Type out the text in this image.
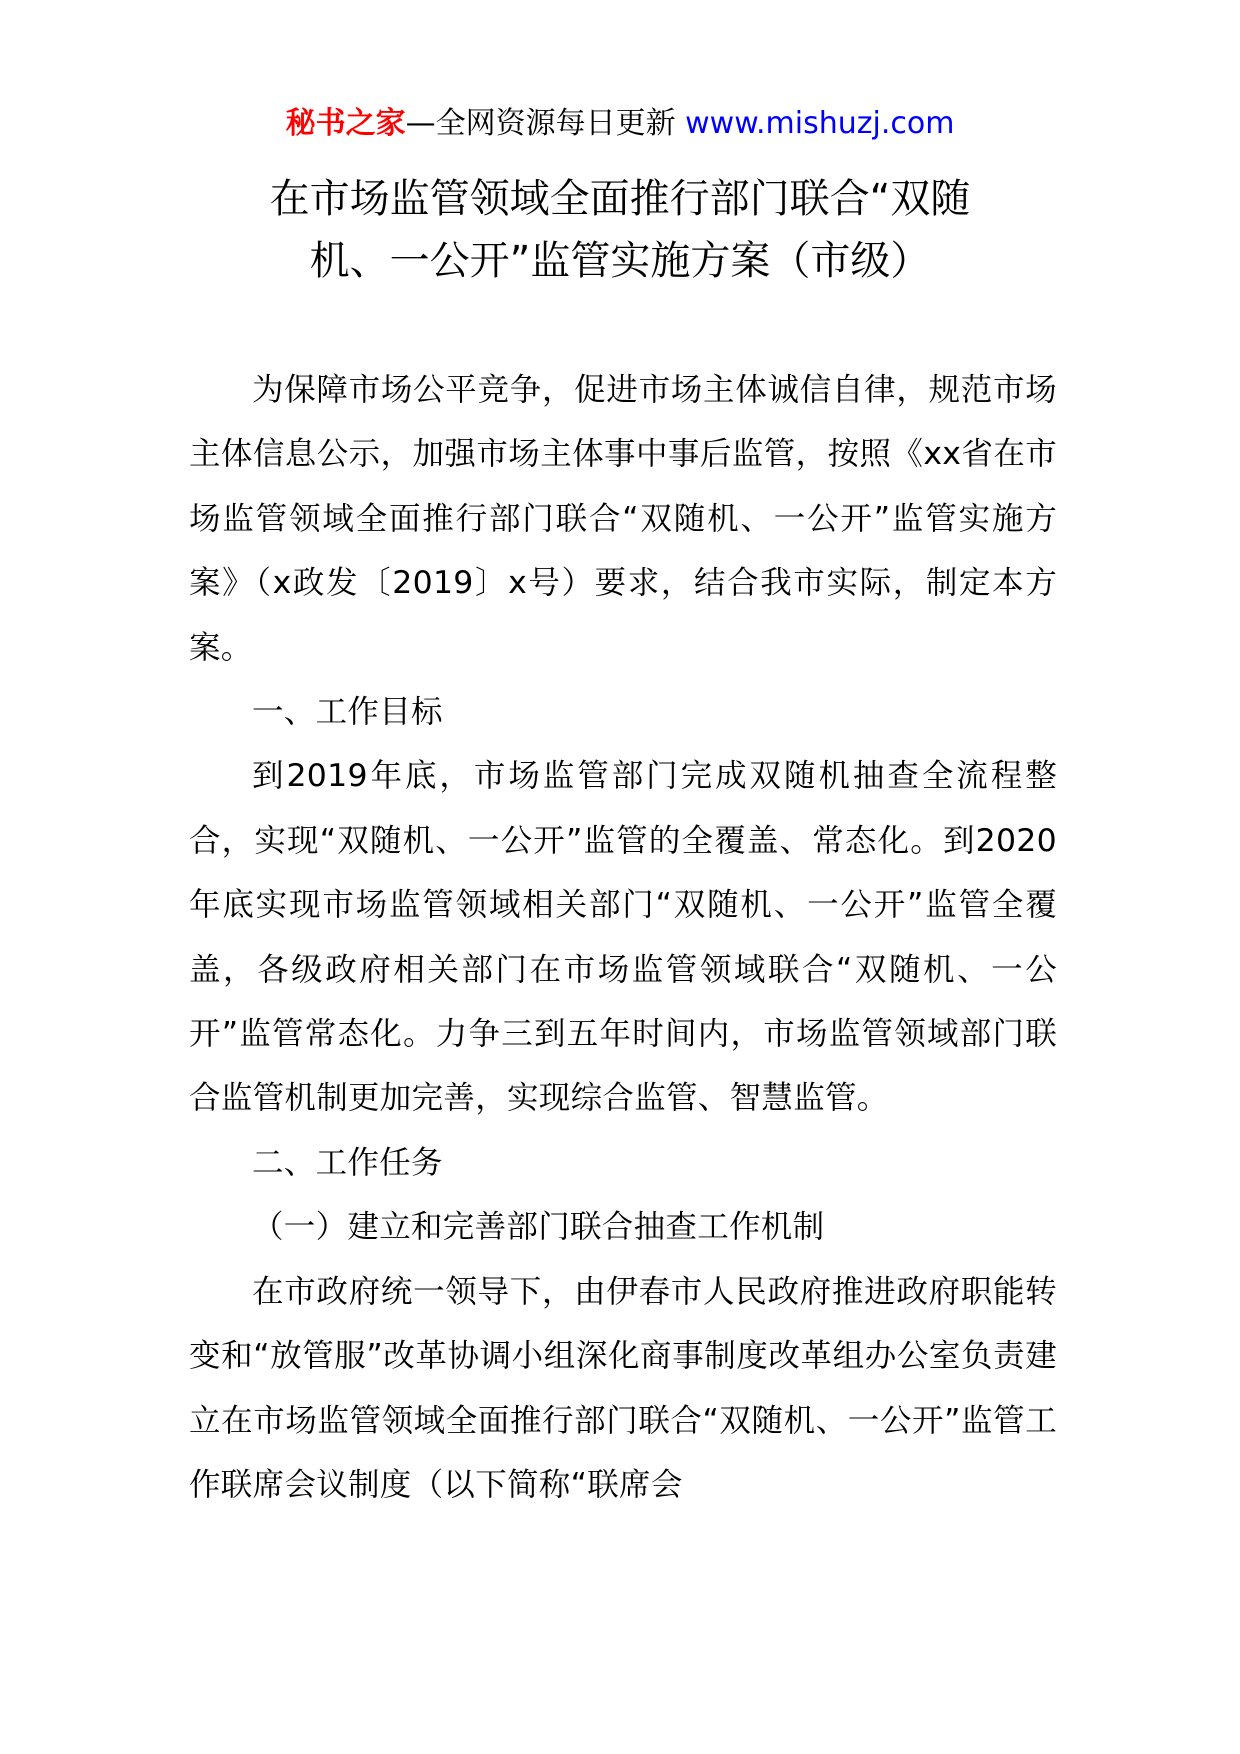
秘书之家—全网资源每日更新 www.mishuzj.com
在市场监管领域全面推行部门联合“双随
机、一公开”监管实施方案（市级）

为保障市场公平竞争，促进市场主体诚信自律，规范市场主体信息公示，加强市场主体事中事后监管，按照《xx省在市场监管领域全面推行部门联合“双随机、一公开”监管实施方案》（x政发〔2019〕x号）要求，结合我市实际，制定本方案。

一、工作目标

到2019年底，市场监管部门完成双随机抽查全流程整合，实现“双随机、一公开”监管的全覆盖、常态化。到2020年底实现市场监管领域相关部门“双随机、一公开”监管全覆盖，各级政府相关部门在市场监管领域联合“双随机、一公开”监管常态化。力争三到五年时间内，市场监管领域部门联合监管机制更加完善，实现综合监管、智慧监管。

二、工作任务

（一）建立和完善部门联合抽查工作机制

在市政府统一领导下，由伊春市人民政府推进政府职能转变和“放管服”改革协调小组深化商事制度改革组办公室负责建立在市场监管领域全面推行部门联合“双随机、一公开”监管工作联席会议制度（以下简称“联席会
